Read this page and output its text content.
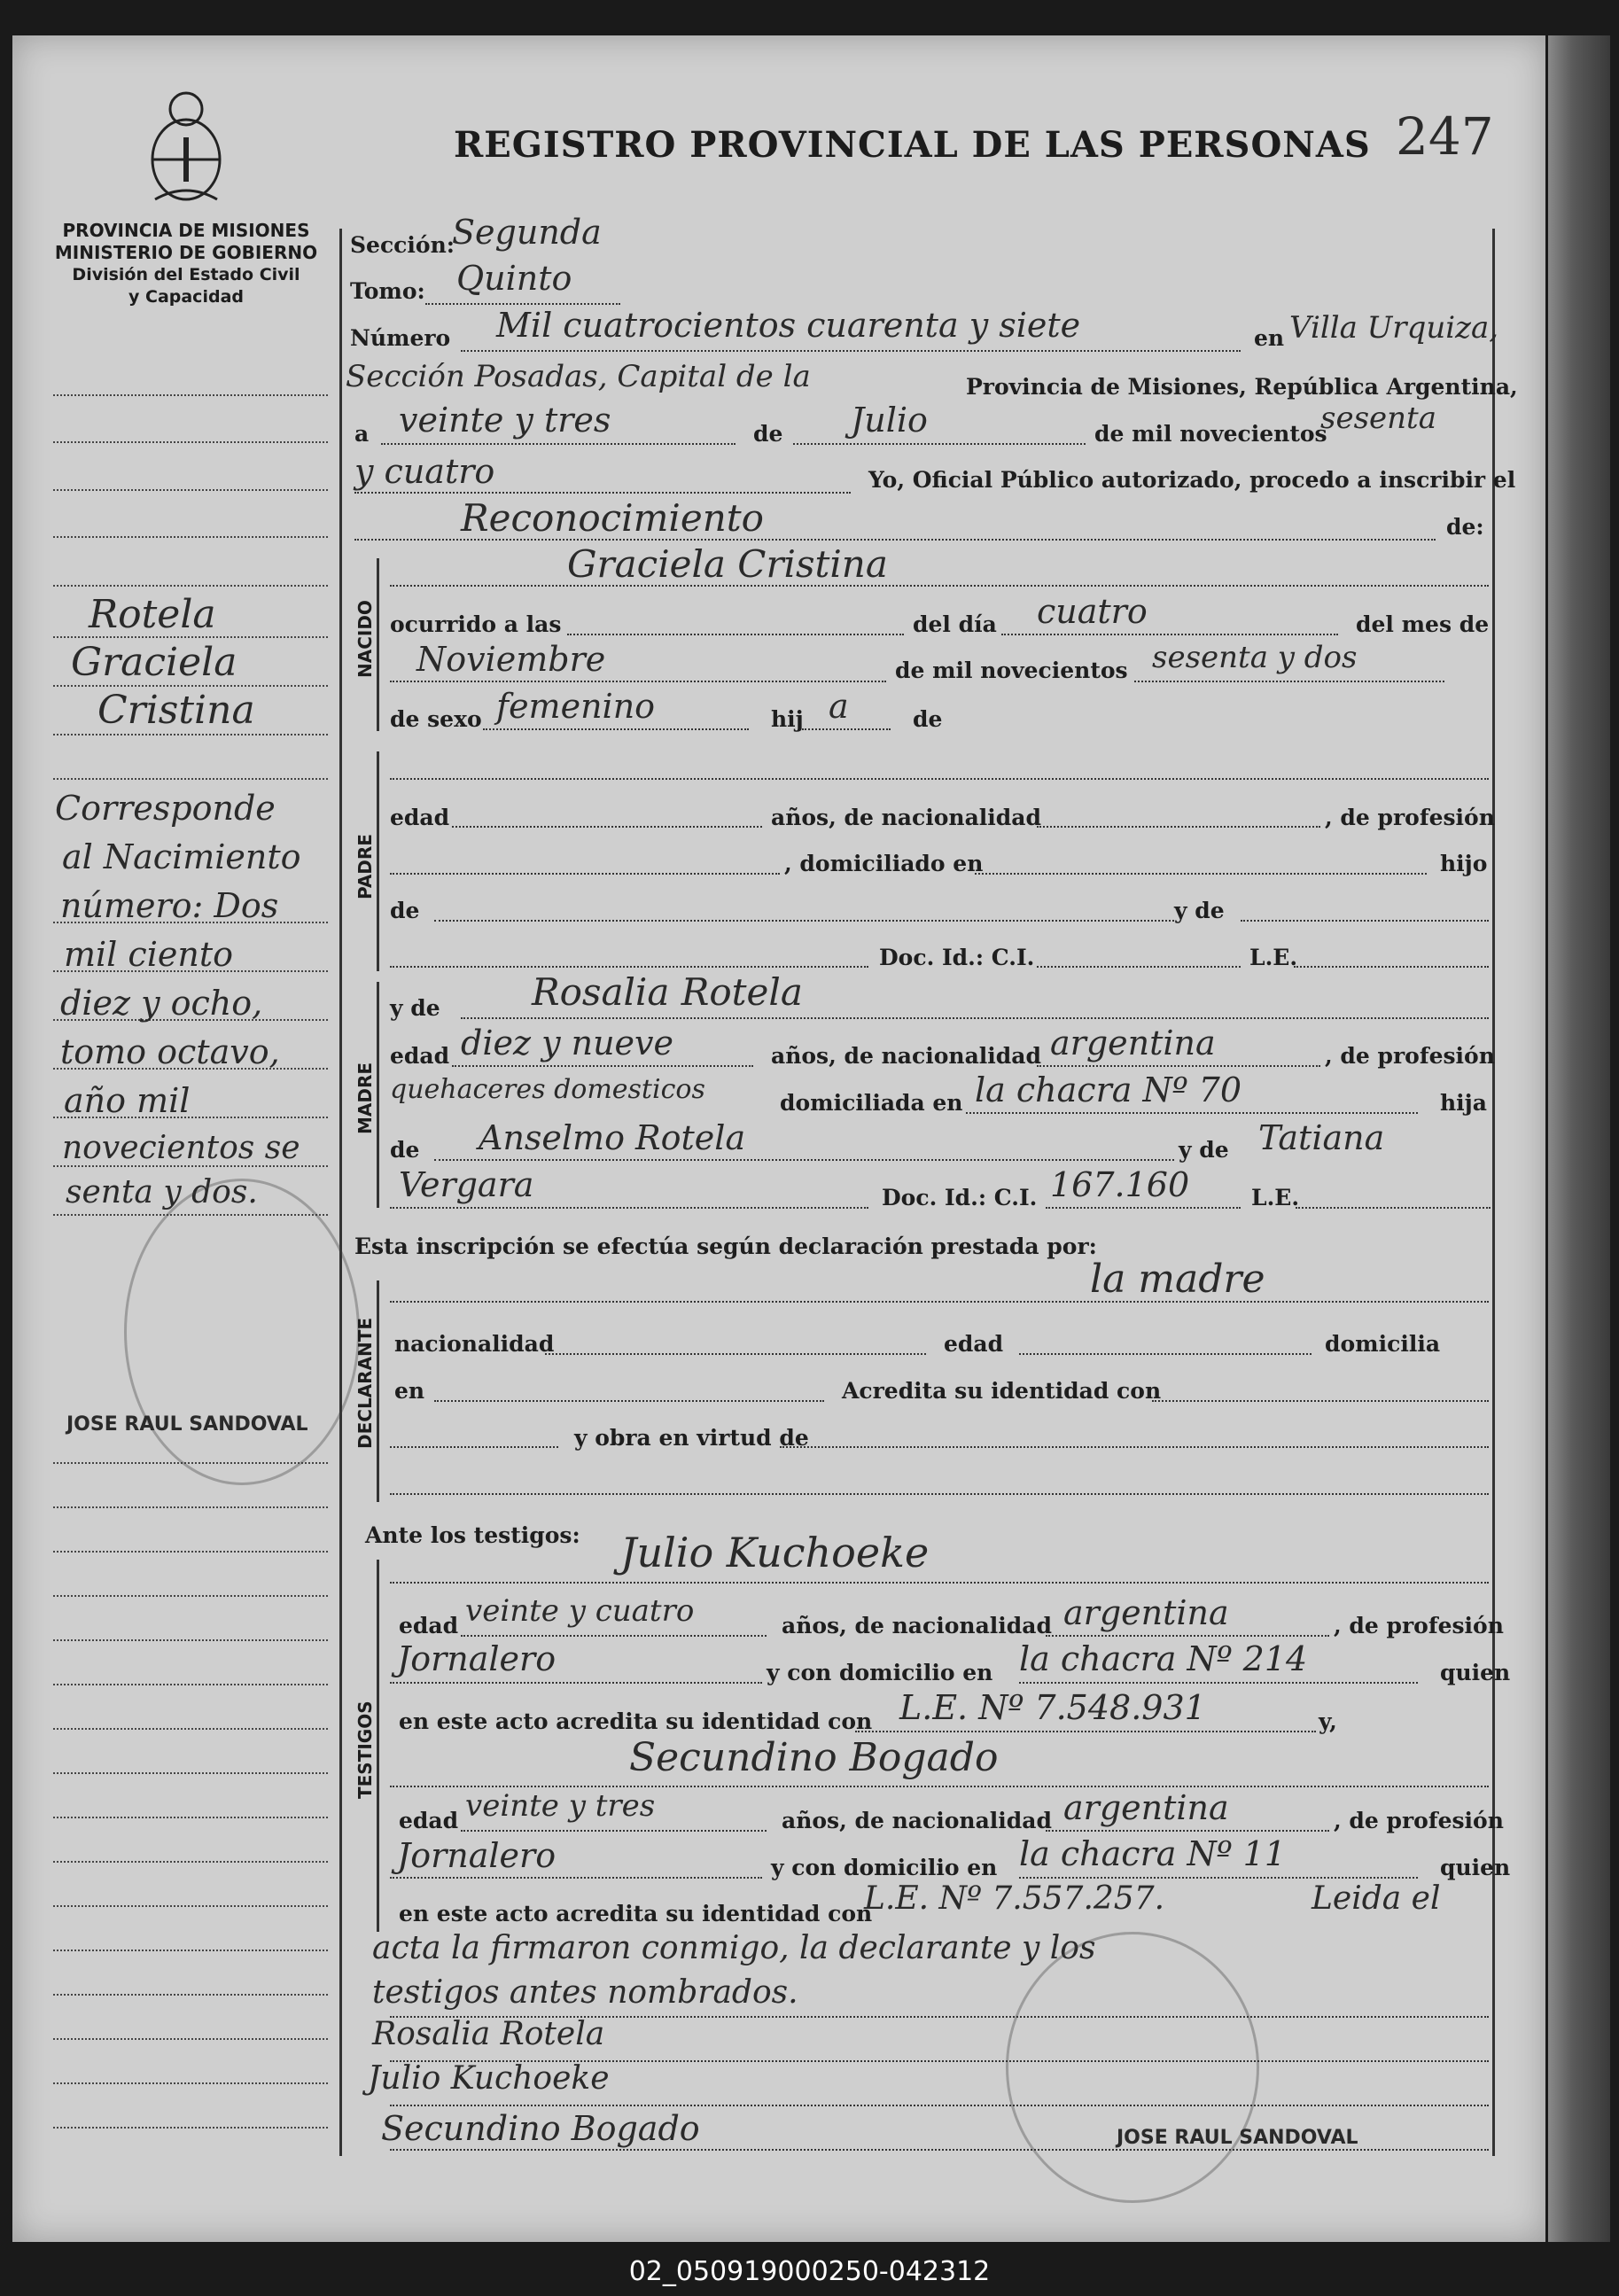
PROVINCIA DE MISIONES
MINISTERIO DE GOBIERNO
División del Estado Civil
y Capacidad
REGISTRO PROVINCIAL DE LAS PERSONAS 247
Rotela
Graciela
Cristina
Corresponde
al Nacimiento
número: Dos
mil ciento
diez y ocho,
tomo octavo,
año mil
novecientos se
senta y dos.
JOSE RAUL SANDOVAL
NACIDO
PADRE
MADRE
DECLARANTE
TESTIGOS
Sección:
Segunda
Tomo: Quinto
Número Mil cuatrocientos cuarenta y siete	en Villa Urquiza,
Sección Posadas, Capital de la	Provincia de Misiones, República Argentina,
a veinte y tres	de Julio	de mil novecientos
sesenta
y cuatro	Yo, Oficial Público autorizado, procedo a inscribir el
Reconocimiento	de:
Graciela Cristina
ocurrido a las	del día cuatro	del mes de
Noviembre	de mil novecientos sesenta y dos
de sexo femenino	hij a	de
edad	años, de nacionalidad	, de profesión
, domiciliado en	hijo
de	y de
Doc. Id.: C.I.	L.E.
y de Rosalia Rotela
edad diez y nueve	años, de nacionalidad argentina	, de profesión
quehaceres domesticos	domiciliada en la chacra Nº 70	hija
de Anselmo Rotela	y de Tatiana
Vergara	Doc. Id.: C.I. 167.160	L.E.
Esta inscripción se efectúa según declaración prestada por:
la madre
nacionalidad	edad	domicilia
en	Acredita su identidad con
y obra en virtud de
Ante los testigos: Julio Kuchoeke
edad veinte y cuatro	años, de nacionalidad argentina	, de profesión
Jornalero	y con domicilio en la chacra Nº 214	quien
en este acto acredita su identidad con L.E. Nº 7.548.931	y,
Secundino Bogado
edad veinte y tres	años, de nacionalidad argentina	, de profesión
Jornalero	y con domicilio en la chacra Nº 11	quien
en este acto acredita su identidad con
L.E. Nº 7.557.257.	Leida el
acta la firmaron conmigo, la declarante y los
testigos antes nombrados.
Rosalia Rotela
Julio Kuchoeke
Secundino Bogado	JOSE RAUL SANDOVAL
02_050919000250-042312
